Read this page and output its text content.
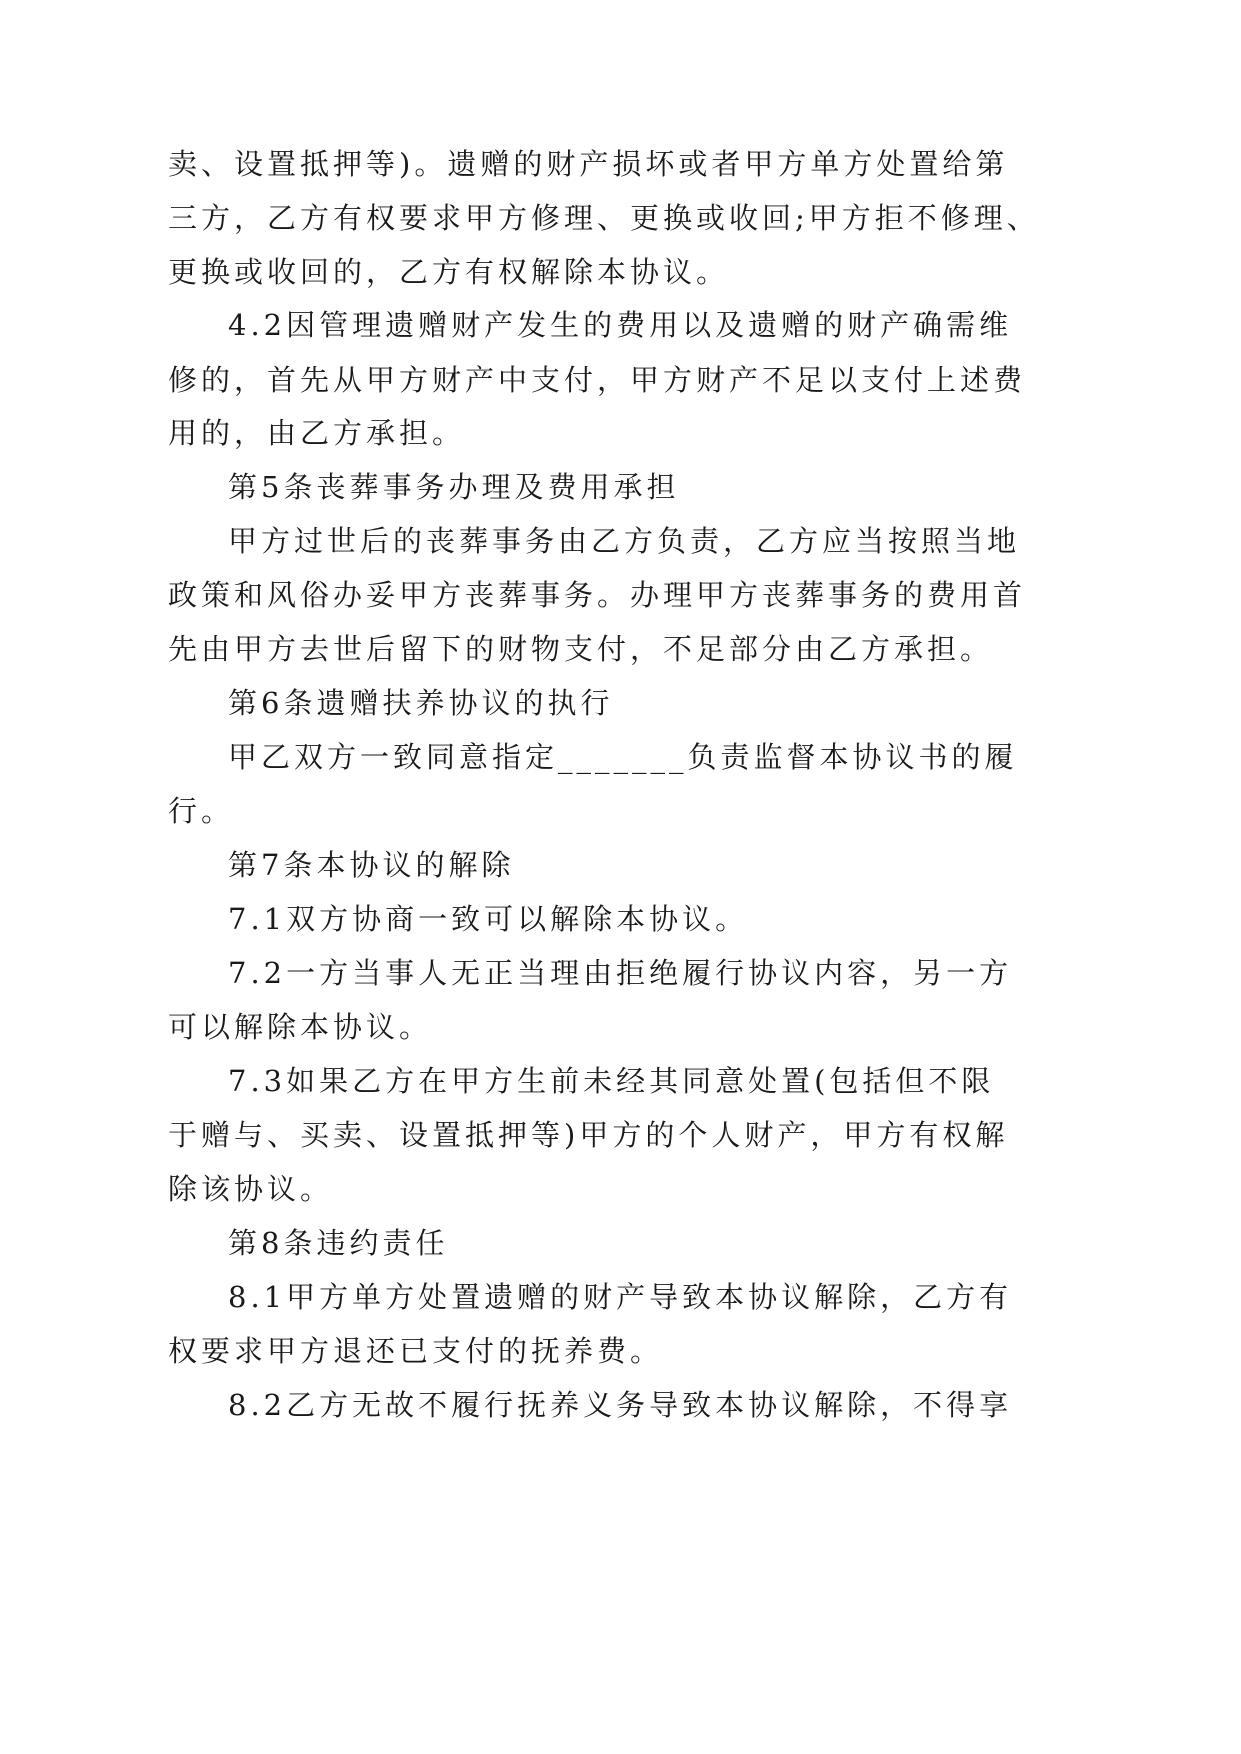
卖、设置抵押等)。遗赠的财产损坏或者甲方单方处置给第
三方，乙方有权要求甲方修理、更换或收回;甲方拒不修理、
更换或收回的，乙方有权解除本协议。
4.2因管理遗赠财产发生的费用以及遗赠的财产确需维
修的，首先从甲方财产中支付，甲方财产不足以支付上述费
用的，由乙方承担。
第5条丧葬事务办理及费用承担
甲方过世后的丧葬事务由乙方负责，乙方应当按照当地
政策和风俗办妥甲方丧葬事务。办理甲方丧葬事务的费用首
先由甲方去世后留下的财物支付，不足部分由乙方承担。
第6条遗赠扶养协议的执行
甲乙双方一致同意指定_______负责监督本协议书的履
行。
第7条本协议的解除
7.1双方协商一致可以解除本协议。
7.2一方当事人无正当理由拒绝履行协议内容，另一方
可以解除本协议。
7.3如果乙方在甲方生前未经其同意处置(包括但不限
于赠与、买卖、设置抵押等)甲方的个人财产，甲方有权解
除该协议。
第8条违约责任
8.1甲方单方处置遗赠的财产导致本协议解除，乙方有
权要求甲方退还已支付的抚养费。
8.2乙方无故不履行抚养义务导致本协议解除，不得享
